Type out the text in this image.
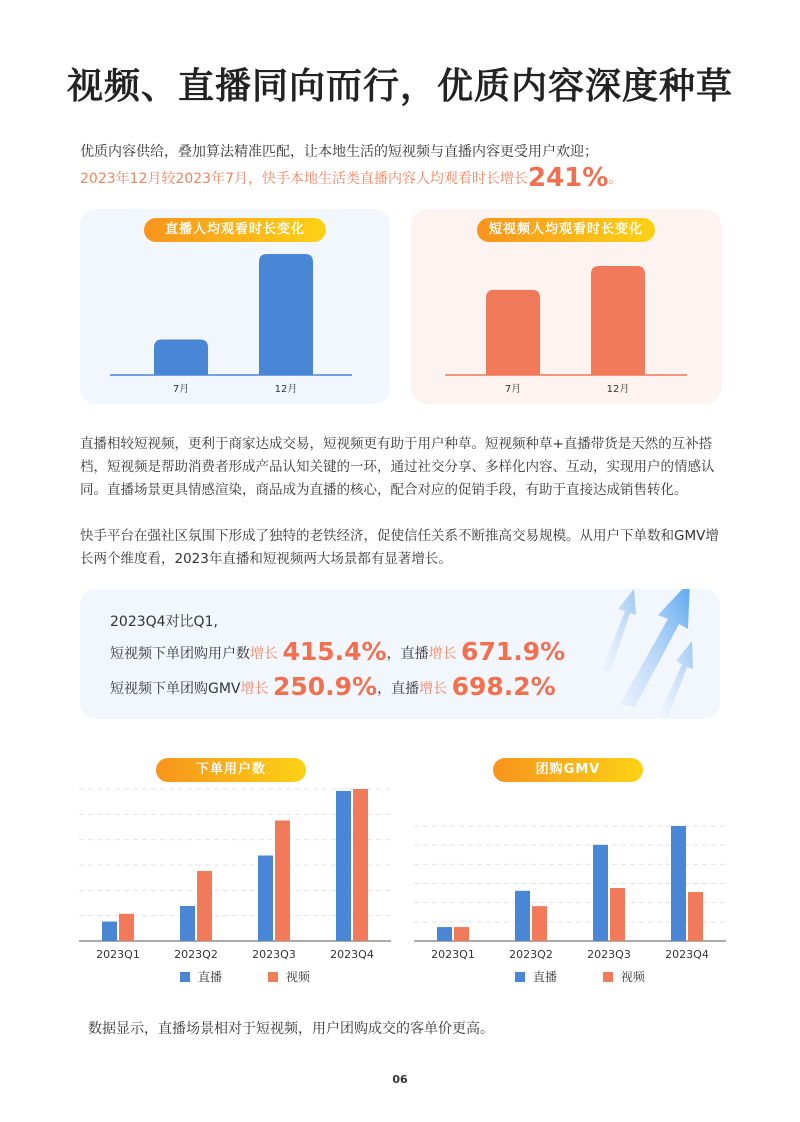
视频、直播同向而行，优质内容深度种草
优质内容供给，叠加算法精准匹配，让本地生活的短视频与直播内容更受用户欢迎；
2023年12月较2023年7月，快手本地生活类直播内容人均观看时长增长241%。
直播人均观看时长变化
7月	12月
短视频人均观看时长变化
7月	12月
直播相较短视频，更利于商家达成交易，短视频更有助于用户种草。短视频种草+直播带货是天然的互补搭档，短视频是帮助消费者形成产品认知关键的一环，通过社交分享、多样化内容、互动，实现用户的情感认同。直播场景更具情感渲染，商品成为直播的核心，配合对应的促销手段，有助于直接达成销售转化。
快手平台在强社区氛围下形成了独特的老铁经济，促使信任关系不断推高交易规模。从用户下单数和GMV增长两个维度看，2023年直播和短视频两大场景都有显著增长。
2023Q4对比Q1,
短视频下单团购用户数增长 415.4%，直播增长 671.9%
短视频下单团购GMV增长 250.9%，直播增长 698.2%
下单用户数	团购GMV
2023Q1	2023Q2	2023Q3	2023Q4	2023Q1	2023Q2	2023Q3	2023Q4
直播	视频	直播	视频
数据显示，直播场景相对于短视频，用户团购成交的客单价更高。
06
